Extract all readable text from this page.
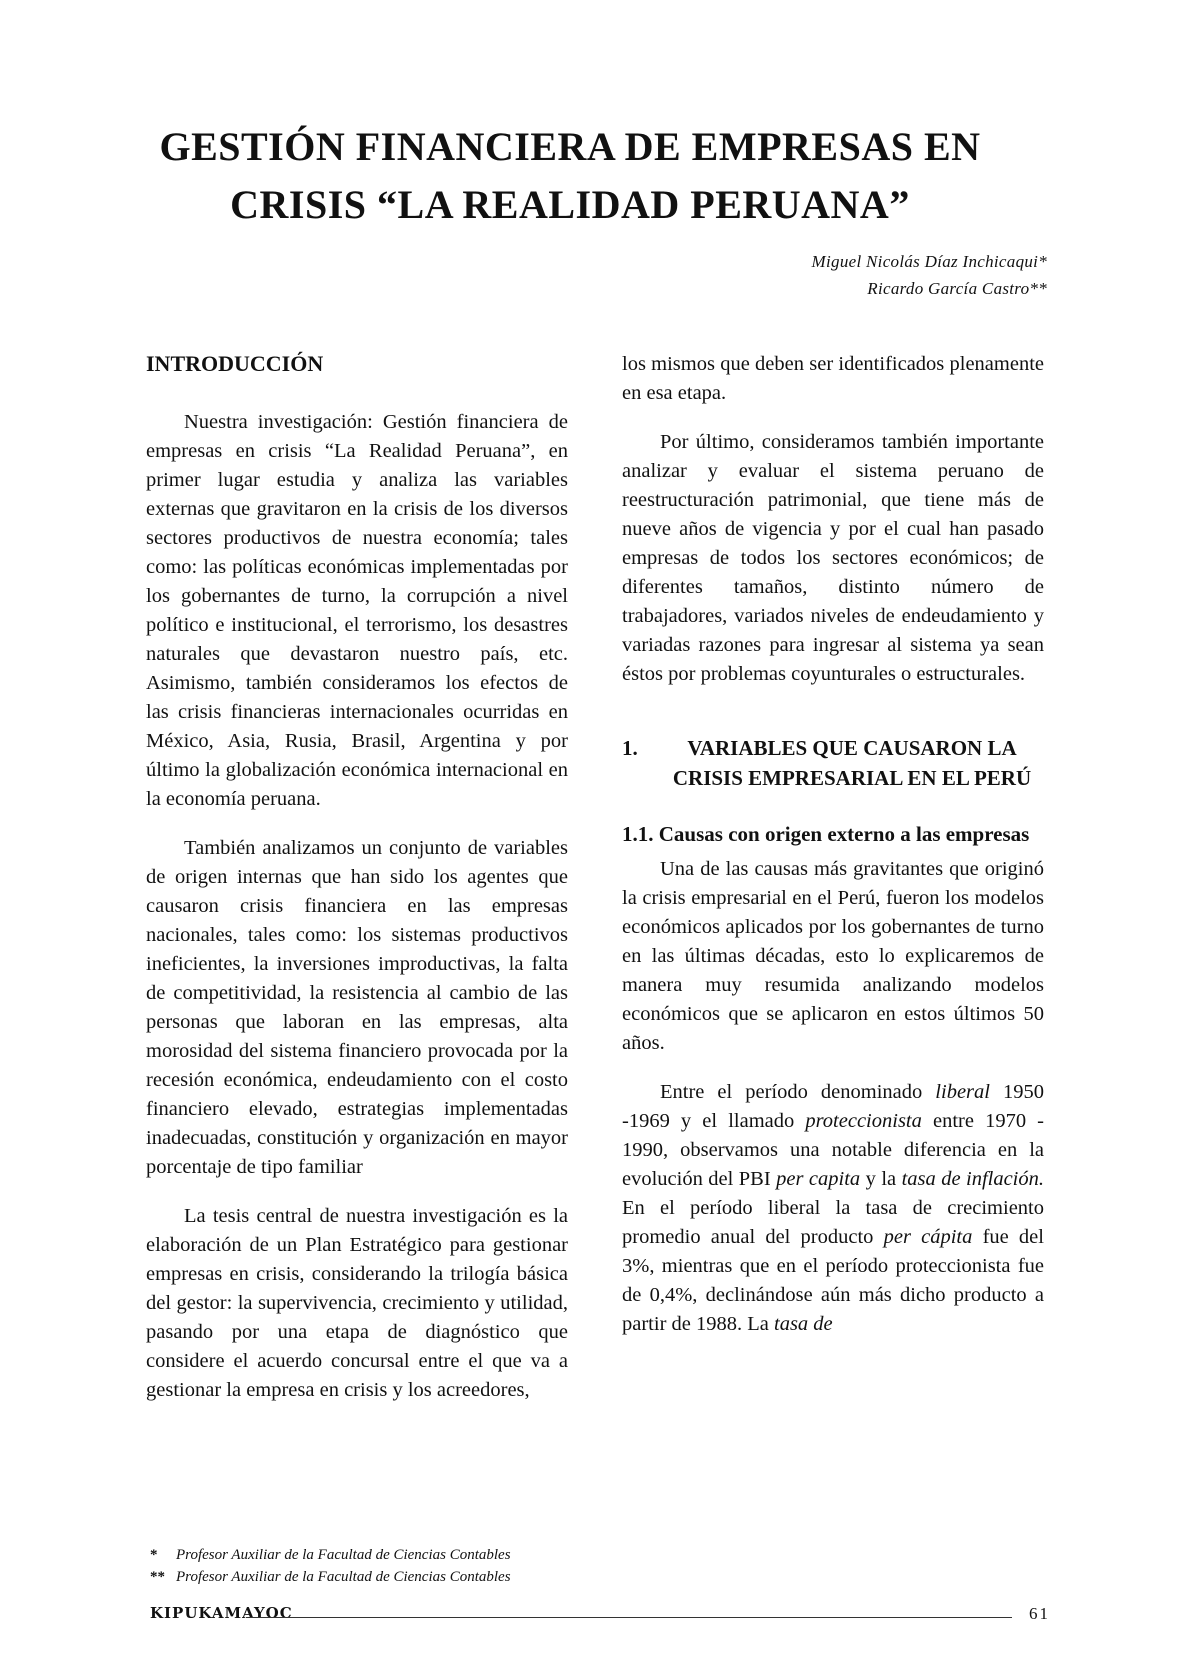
GESTIÓN FINANCIERA DE EMPRESAS EN
CRISIS “LA REALIDAD PERUANA”
Miguel Nicolás Díaz Inchicaqui*
Ricardo García Castro**
INTRODUCCIÓN

Nuestra investigación: Gestión financiera de empresas en crisis “La Realidad Peruana”, en primer lugar estudia y analiza las variables externas que gravitaron en la crisis de los diversos sectores productivos de nuestra economía; tales como: las políticas económicas implementadas por los gobernantes de turno, la corrupción a nivel político e institucional, el terrorismo, los desastres naturales que devastaron nuestro país, etc. Asimismo, también consideramos los efectos de las crisis financieras internacionales ocurridas en México, Asia, Rusia, Brasil, Argentina y por último la globalización económica internacional en la economía peruana.

También analizamos un conjunto de variables de origen internas que han sido los agentes que causaron crisis financiera en las empresas nacionales, tales como: los sistemas productivos ineficientes, la inversiones improductivas, la falta de competitividad, la resistencia al cambio de las personas que laboran en las empresas, alta morosidad del sistema financiero provocada por la recesión económica, endeudamiento con el costo financiero elevado, estrategias implementadas inadecuadas, constitución y organización en mayor porcentaje de tipo familiar

La tesis central de nuestra investigación es la elaboración de un Plan Estratégico para gestionar empresas en crisis, considerando la trilogía básica del gestor: la supervivencia, crecimiento y utilidad, pasando por una etapa de diagnóstico que considere el acuerdo concursal entre el que va a gestionar la empresa en crisis y los acreedores,

los mismos que deben ser identificados plenamente en esa etapa.

Por último, consideramos también importante analizar y evaluar el sistema peruano de reestructuración patrimonial, que tiene más de nueve años de vigencia y por el cual han pasado empresas de todos los sectores económicos; de diferentes tamaños, distinto número de trabajadores, variados niveles de endeudamiento y variadas razones para ingresar al sistema ya sean éstos por problemas coyunturales o estructurales.

1.	VARIABLES QUE CAUSARON LA
CRISIS EMPRESARIAL EN EL PERÚ
1.1. Causas con origen externo a las empresas

Una de las causas más gravitantes que originó la crisis empresarial en el Perú, fueron los modelos económicos aplicados por los gobernantes de turno en las últimas décadas, esto lo explicaremos de manera muy resumida analizando modelos económicos que se aplicaron en estos últimos 50 años.

Entre el período denominado liberal 1950 -1969 y el llamado proteccionista entre 1970 - 1990, observamos una notable diferencia en la evolución del PBI per capita y la tasa de inflación. En el período liberal la tasa de crecimiento promedio anual del producto per cápita fue del 3%, mientras que en el período proteccionista fue de 0,4%, declinándose aún más dicho producto a partir de 1988. La tasa de

*	Profesor Auxiliar de la Facultad de Ciencias Contables
** Profesor Auxiliar de la Facultad de Ciencias Contables
KIPUKAMAYOC	61
